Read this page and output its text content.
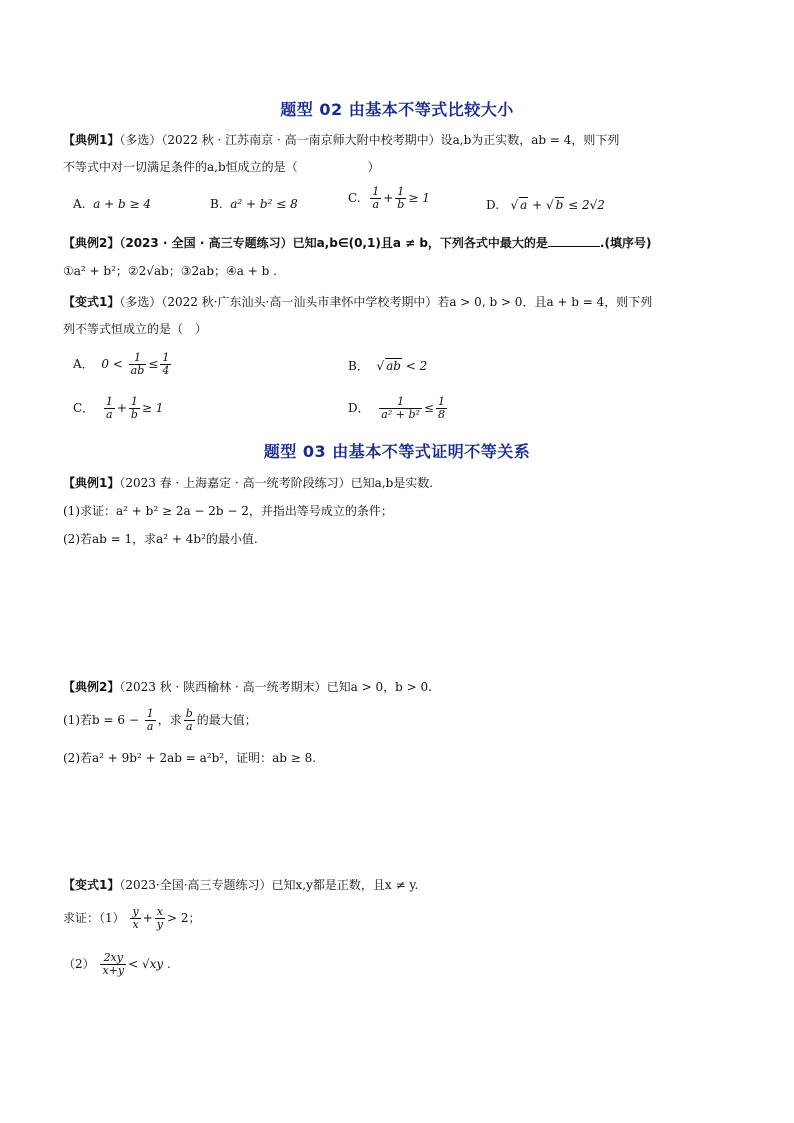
题型 02 由基本不等式比较大小
【典例1】（多选）（2022 秋 · 江苏南京 · 高一南京师大附中校考期中）设a,b为正实数，ab = 4，则下列
不等式中对一切满足条件的a,b恒成立的是（	）
A. a + b ≥ 4	B. a² + b² ≤ 8	C. $\frac{1}{a} + \frac{1}{b} \ge 1$	D. √ a + √ b ≤ 2√2
【典例2】（2023 · 全国 · 高三专题练习）已知a,b∈(0,1)且a ≠ b，下列各式中最大的是	.(填序号)
①a² + b²；②2√ab；③2ab；④a + b .
【变式1】（多选）（2022 秋·广东汕头·高一汕头市聿怀中学校考期中）若a > 0, b > 0．且a + b = 4，则下列
列不等式恒成立的是（　）
A． $0 < \frac{1}{ab} \le \frac{1}{4}$	B． √ ab < 2
C． $\frac{1}{a} + \frac{1}{b} \ge 1$	D． $\frac{1}{\text{a² + b²}} \le \frac{1}{8}$
题型 03 由基本不等式证明不等关系
【典例1】（2023 春 · 上海嘉定 · 高一统考阶段练习）已知a,b是实数.
(1)求证：a² + b² ≥ 2a − 2b − 2，并指出等号成立的条件；
(2)若ab = 1，求a² + 4b²的最小值.
【典例2】（2023 秋 · 陕西榆林 · 高一统考期末）已知a > 0，b > 0.
(1)若$b = 6 - \frac{1}{a}$ ，求 $\frac{b}{a}$ 的最大值；
(2)若a² + 9b² + 2ab = a²b²，证明：ab ≥ 8.
【变式1】（2023·全国·高三专题练习）已知x,y都是正数，且x ≠ y.
求证：$(1) \frac{y}{x} + \frac{x}{y} > 2$；
$(2) \frac{2xy}{x+y} < √xy$ .
